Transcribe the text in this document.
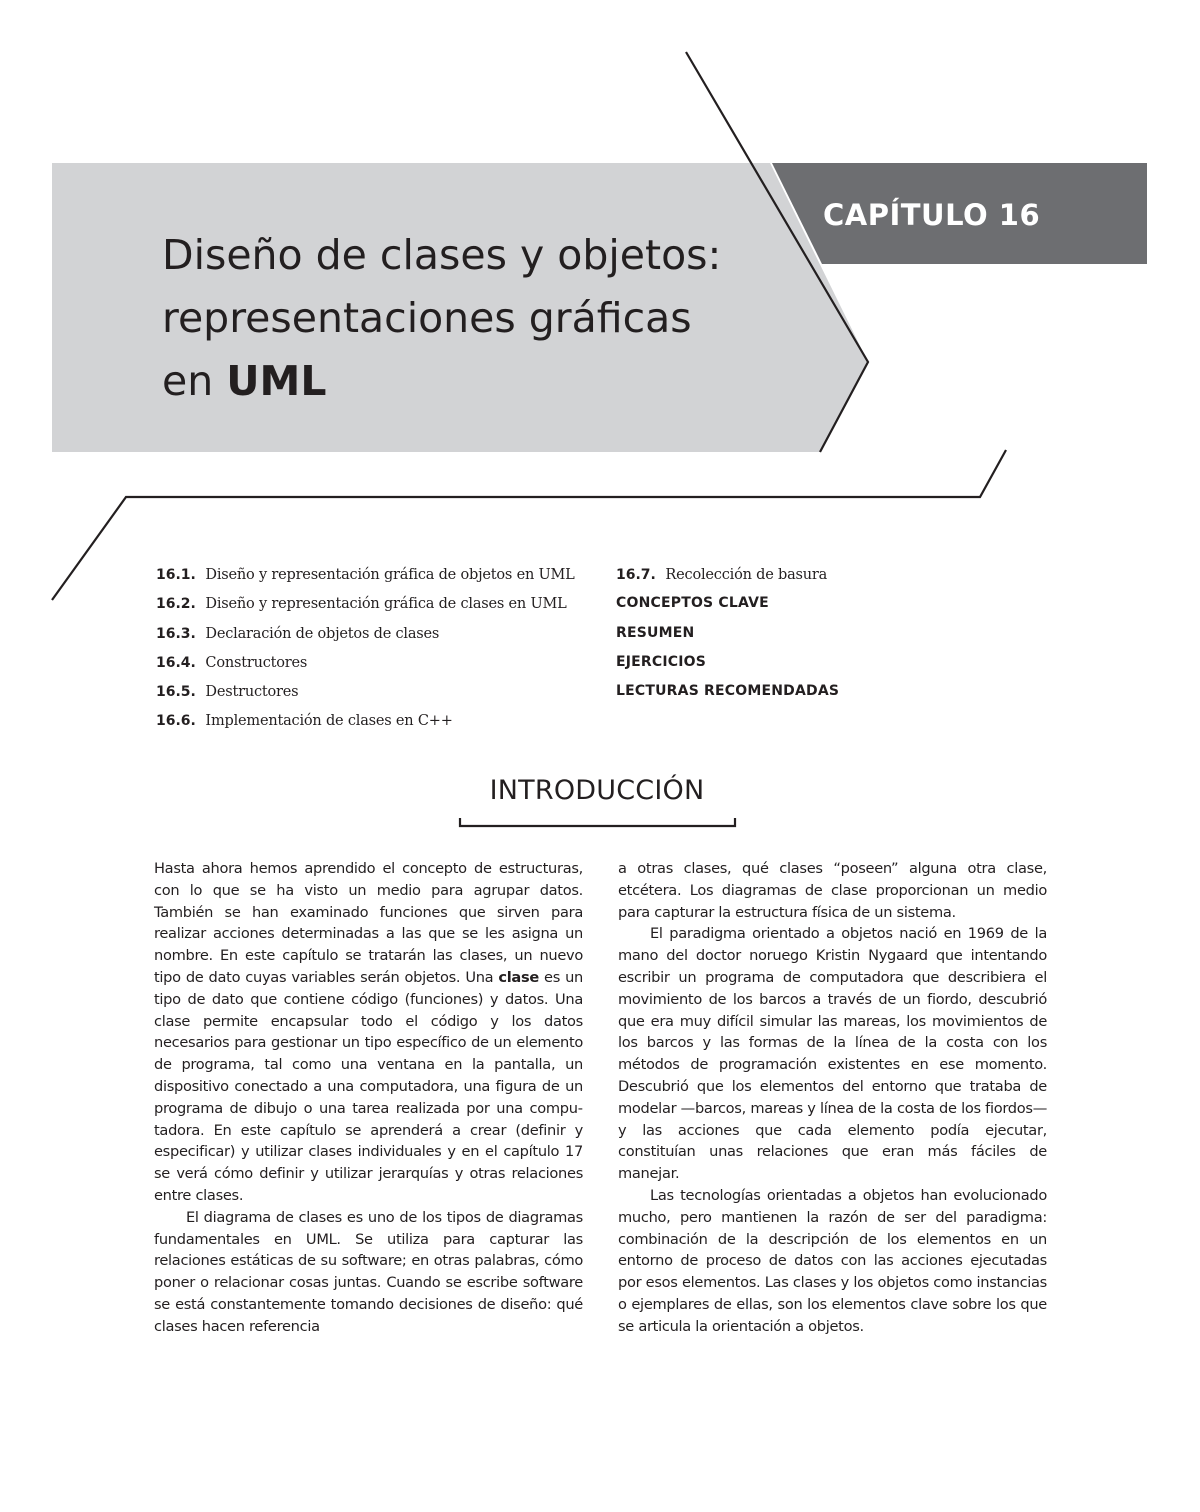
CAPÍTULO 16
Diseño de clases y objetos:
representaciones gráficas
en UML
16.1. Diseño y representación gráfica de objetos en UML
16.2. Diseño y representación gráfica de clases en UML
16.3. Declaración de objetos de clases
16.4. Constructores
16.5. Destructores
16.6. Implementación de clases en C++
16.7. Recolección de basura
CONCEPTOS CLAVE
RESUMEN
EJERCICIOS
LECTURAS RECOMENDADAS
INTRODUCCIÓN

Hasta ahora hemos aprendido el concepto de estructuras, con lo que se ha visto un medio para agrupar datos. También se han examinado funciones que sirven para realizar acciones determinadas a las que se les asigna un nombre. En este capítulo se tratarán las clases, un nuevo tipo de dato cuyas variables serán objetos. Una clase es un tipo de dato que contiene código (funciones) y datos. Una clase permite encapsular todo el código y los datos necesarios para gestionar un tipo específico de un elemento de programa, tal como una ventana en la pantalla, un dispositivo conectado a una computadora, una figura de un programa de dibujo o una tarea realizada por una computadora. En este capítulo se aprenderá a crear (definir y especificar) y utilizar clases individuales y en el capítulo 17 se verá cómo definir y utilizar jerarquías y otras relaciones entre clases.

El diagrama de clases es uno de los tipos de diagramas fundamentales en UML. Se utiliza para capturar las relaciones estáticas de su software; en otras palabras, cómo poner o relacionar cosas juntas. Cuando se escribe software se está constantemente tomando decisiones de diseño: qué clases hacen referencia

a otras clases, qué clases “poseen” alguna otra clase, etcétera. Los diagramas de clase proporcionan un medio para capturar la estructura física de un sistema.

El paradigma orientado a objetos nació en 1969 de la mano del doctor noruego Kristin Nygaard que intentando escribir un programa de computadora que describiera el movimiento de los barcos a través de un fiordo, descubrió que era muy difícil simular las mareas, los movimientos de los barcos y las formas de la línea de la costa con los métodos de programación existentes en ese momento. Descubrió que los elementos del entorno que trataba de modelar —barcos, mareas y línea de la costa de los fiordos— y las acciones que cada elemento podía ejecutar, constituían unas relaciones que eran más fáciles de manejar.

Las tecnologías orientadas a objetos han evolucionado mucho, pero mantienen la razón de ser del paradigma: combinación de la descripción de los elementos en un entorno de proceso de datos con las acciones ejecutadas por esos elementos. Las clases y los objetos como instancias o ejemplares de ellas, son los elementos clave sobre los que se articula la orientación a objetos.
